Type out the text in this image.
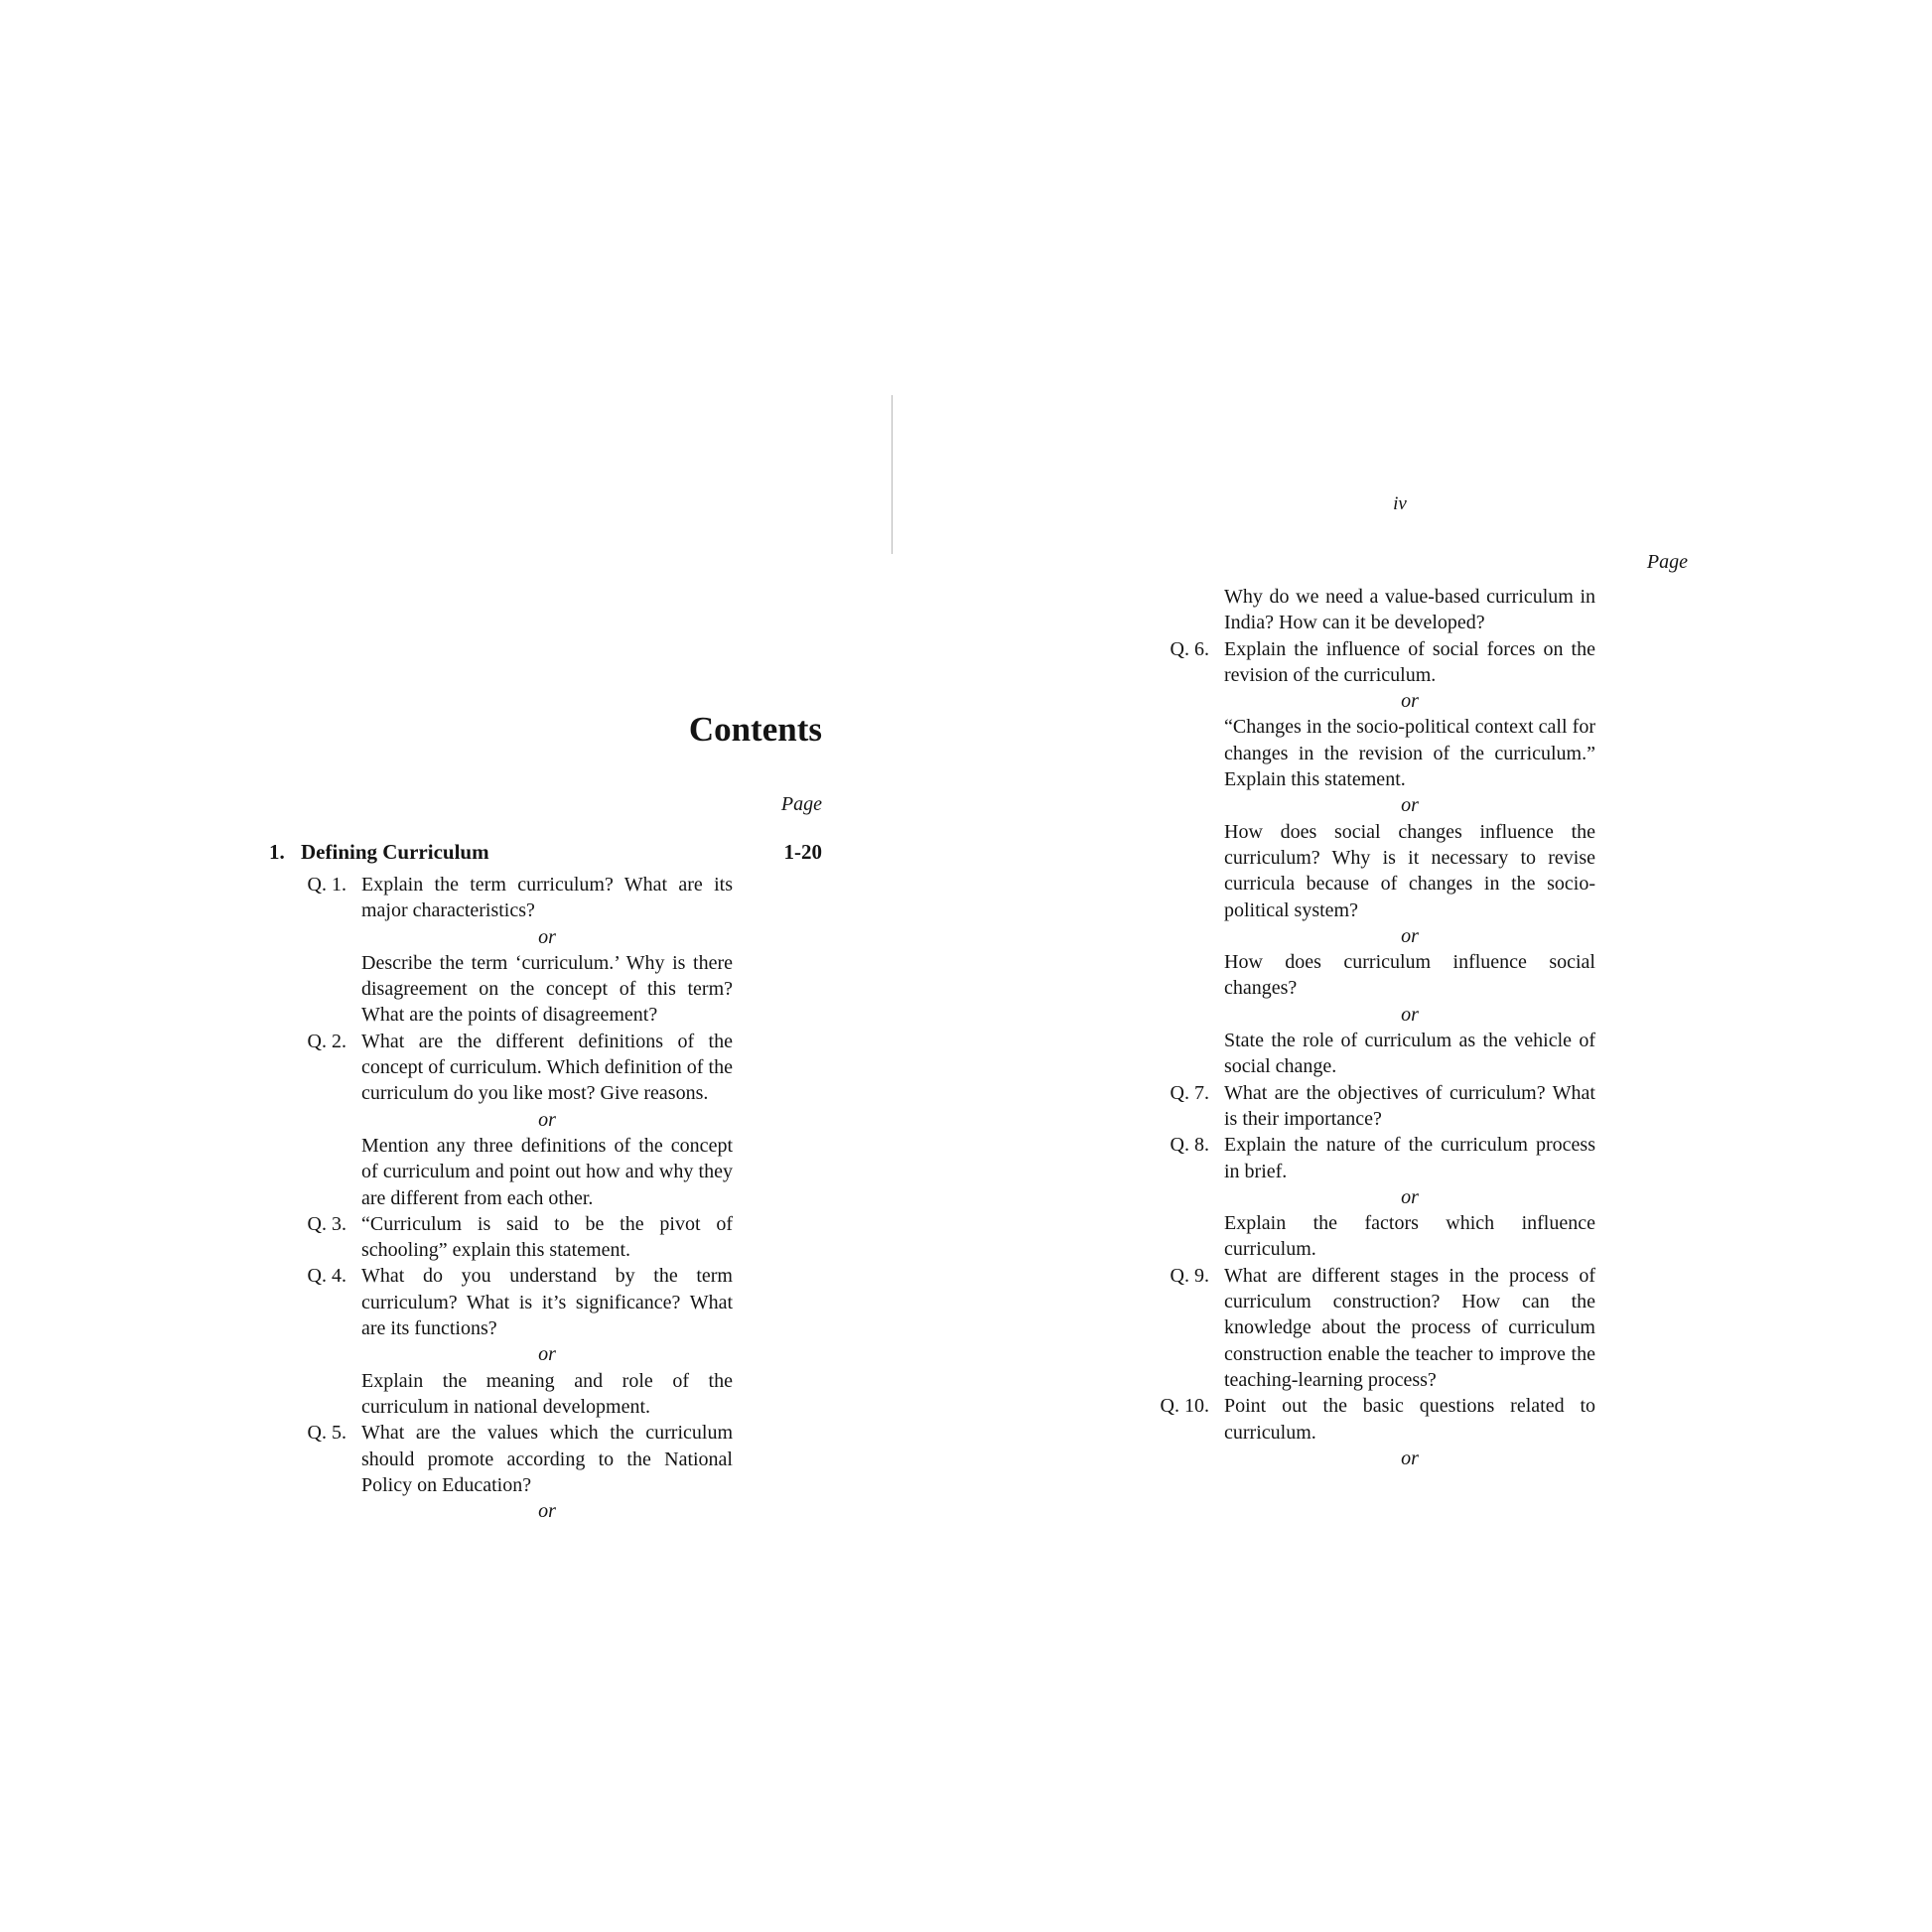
Contents
Page
1. Defining Curriculum	1-20
Q. 1. Explain the term curriculum? What are its major characteristics?
or
Describe the term ‘curriculum.’ Why is there disagreement on the concept of this term? What are the points of disagreement?
Q. 2. What are the different definitions of the concept of curriculum. Which definition of the curriculum do you like most? Give reasons.
or
Mention any three definitions of the concept of curriculum and point out how and why they are different from each other.
Q. 3. “Curriculum is said to be the pivot of schooling” explain this statement.
Q. 4. What do you understand by the term curriculum? What is it’s significance? What are its functions?
or
Explain the meaning and role of the curriculum in national development.
Q. 5. What are the values which the curriculum should promote according to the National Policy on Education?
or
iv
Page
Why do we need a value-based curriculum in India? How can it be developed?
Q. 6. Explain the influence of social forces on the revision of the curriculum.
or
“Changes in the socio-political context call for changes in the revision of the curriculum.” Explain this statement.
or
How does social changes influence the curriculum? Why is it necessary to revise curricula because of changes in the socio-political system?
or
How does curriculum influence social changes?
or
State the role of curriculum as the vehicle of social change.
Q. 7. What are the objectives of curriculum? What is their importance?
Q. 8. Explain the nature of the curriculum process in brief.
or
Explain the factors which influence curriculum.
Q. 9. What are different stages in the process of curriculum construction? How can the knowledge about the process of curriculum construction enable the teacher to improve the teaching-learning process?
Q. 10. Point out the basic questions related to curriculum.
or
